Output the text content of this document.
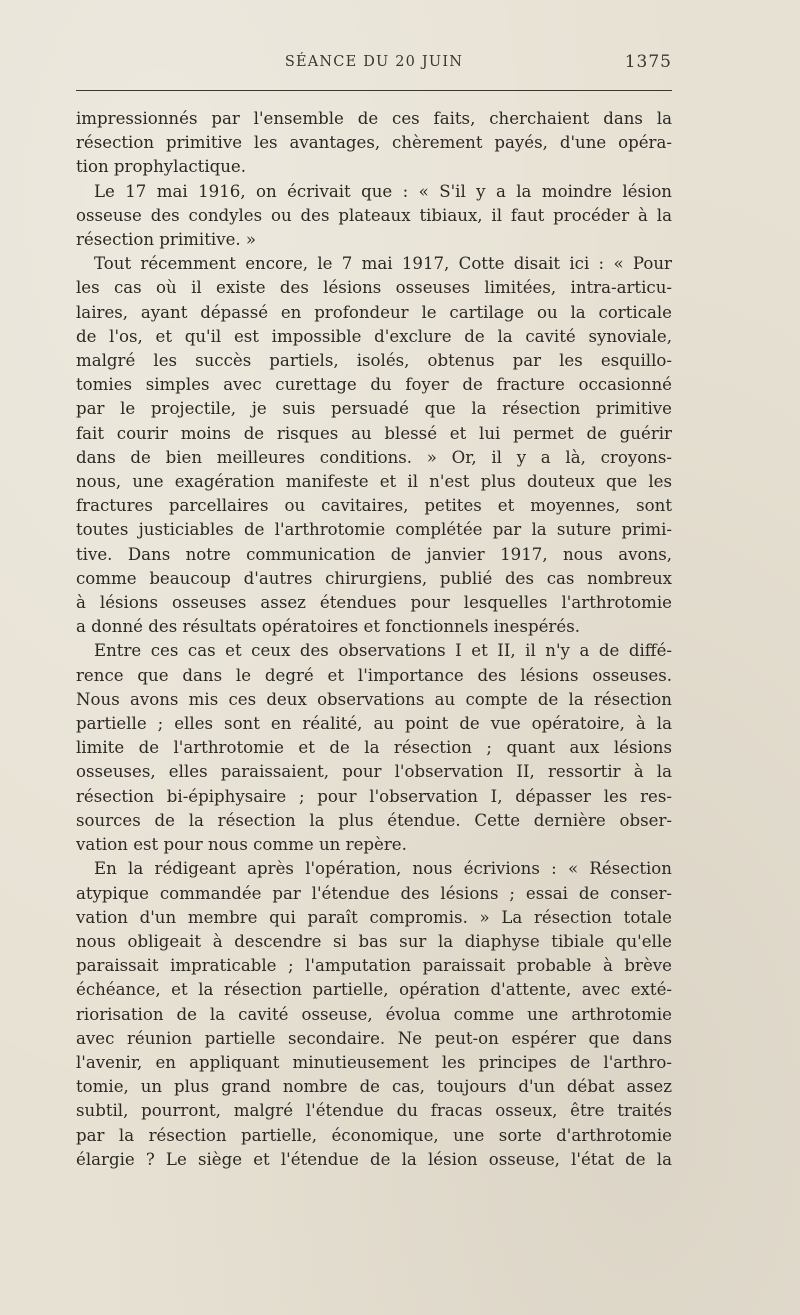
SÉANCE DU 20 JUIN	1375
impressionnés par l'ensemble de ces faits, cherchaient dans la
résection primitive les avantages, chèrement payés, d'une opéra-
tion prophylactique.
Le 17 mai 1916, on écrivait que : « S'il y a la moindre lésion
osseuse des condyles ou des plateaux tibiaux, il faut procéder à la
résection primitive. »
Tout récemment encore, le 7 mai 1917, Cotte disait ici : « Pour
les cas où il existe des lésions osseuses limitées, intra-articu-
laires, ayant dépassé en profondeur le cartilage ou la corticale
de l'os, et qu'il est impossible d'exclure de la cavité synoviale,
malgré les succès partiels, isolés, obtenus par les esquillo-
tomies simples avec curettage du foyer de fracture occasionné
par le projectile, je suis persuadé que la résection primitive
fait courir moins de risques au blessé et lui permet de guérir
dans de bien meilleures conditions. » Or, il y a là, croyons-
nous, une exagération manifeste et il n'est plus douteux que les
fractures parcellaires ou cavitaires, petites et moyennes, sont
toutes justiciables de l'arthrotomie complétée par la suture primi-
tive. Dans notre communication de janvier 1917, nous avons,
comme beaucoup d'autres chirurgiens, publié des cas nombreux
à lésions osseuses assez étendues pour lesquelles l'arthrotomie
a donné des résultats opératoires et fonctionnels inespérés.
Entre ces cas et ceux des observations I et II, il n'y a de diffé-
rence que dans le degré et l'importance des lésions osseuses.
Nous avons mis ces deux observations au compte de la résection
partielle ; elles sont en réalité, au point de vue opératoire, à la
limite de l'arthrotomie et de la résection ; quant aux lésions
osseuses, elles paraissaient, pour l'observation II, ressortir à la
résection bi-épiphysaire ; pour l'observation I, dépasser les res-
sources de la résection la plus étendue. Cette dernière obser-
vation est pour nous comme un repère.
En la rédigeant après l'opération, nous écrivions : « Résection
atypique commandée par l'étendue des lésions ; essai de conser-
vation d'un membre qui paraît compromis. » La résection totale
nous obligeait à descendre si bas sur la diaphyse tibiale qu'elle
paraissait impraticable ; l'amputation paraissait probable à brève
échéance, et la résection partielle, opération d'attente, avec exté-
riorisation de la cavité osseuse, évolua comme une arthrotomie
avec réunion partielle secondaire. Ne peut-on espérer que dans
l'avenir, en appliquant minutieusement les principes de l'arthro-
tomie, un plus grand nombre de cas, toujours d'un débat assez
subtil, pourront, malgré l'étendue du fracas osseux, être traités
par la résection partielle, économique, une sorte d'arthrotomie
élargie ? Le siège et l'étendue de la lésion osseuse, l'état de la
